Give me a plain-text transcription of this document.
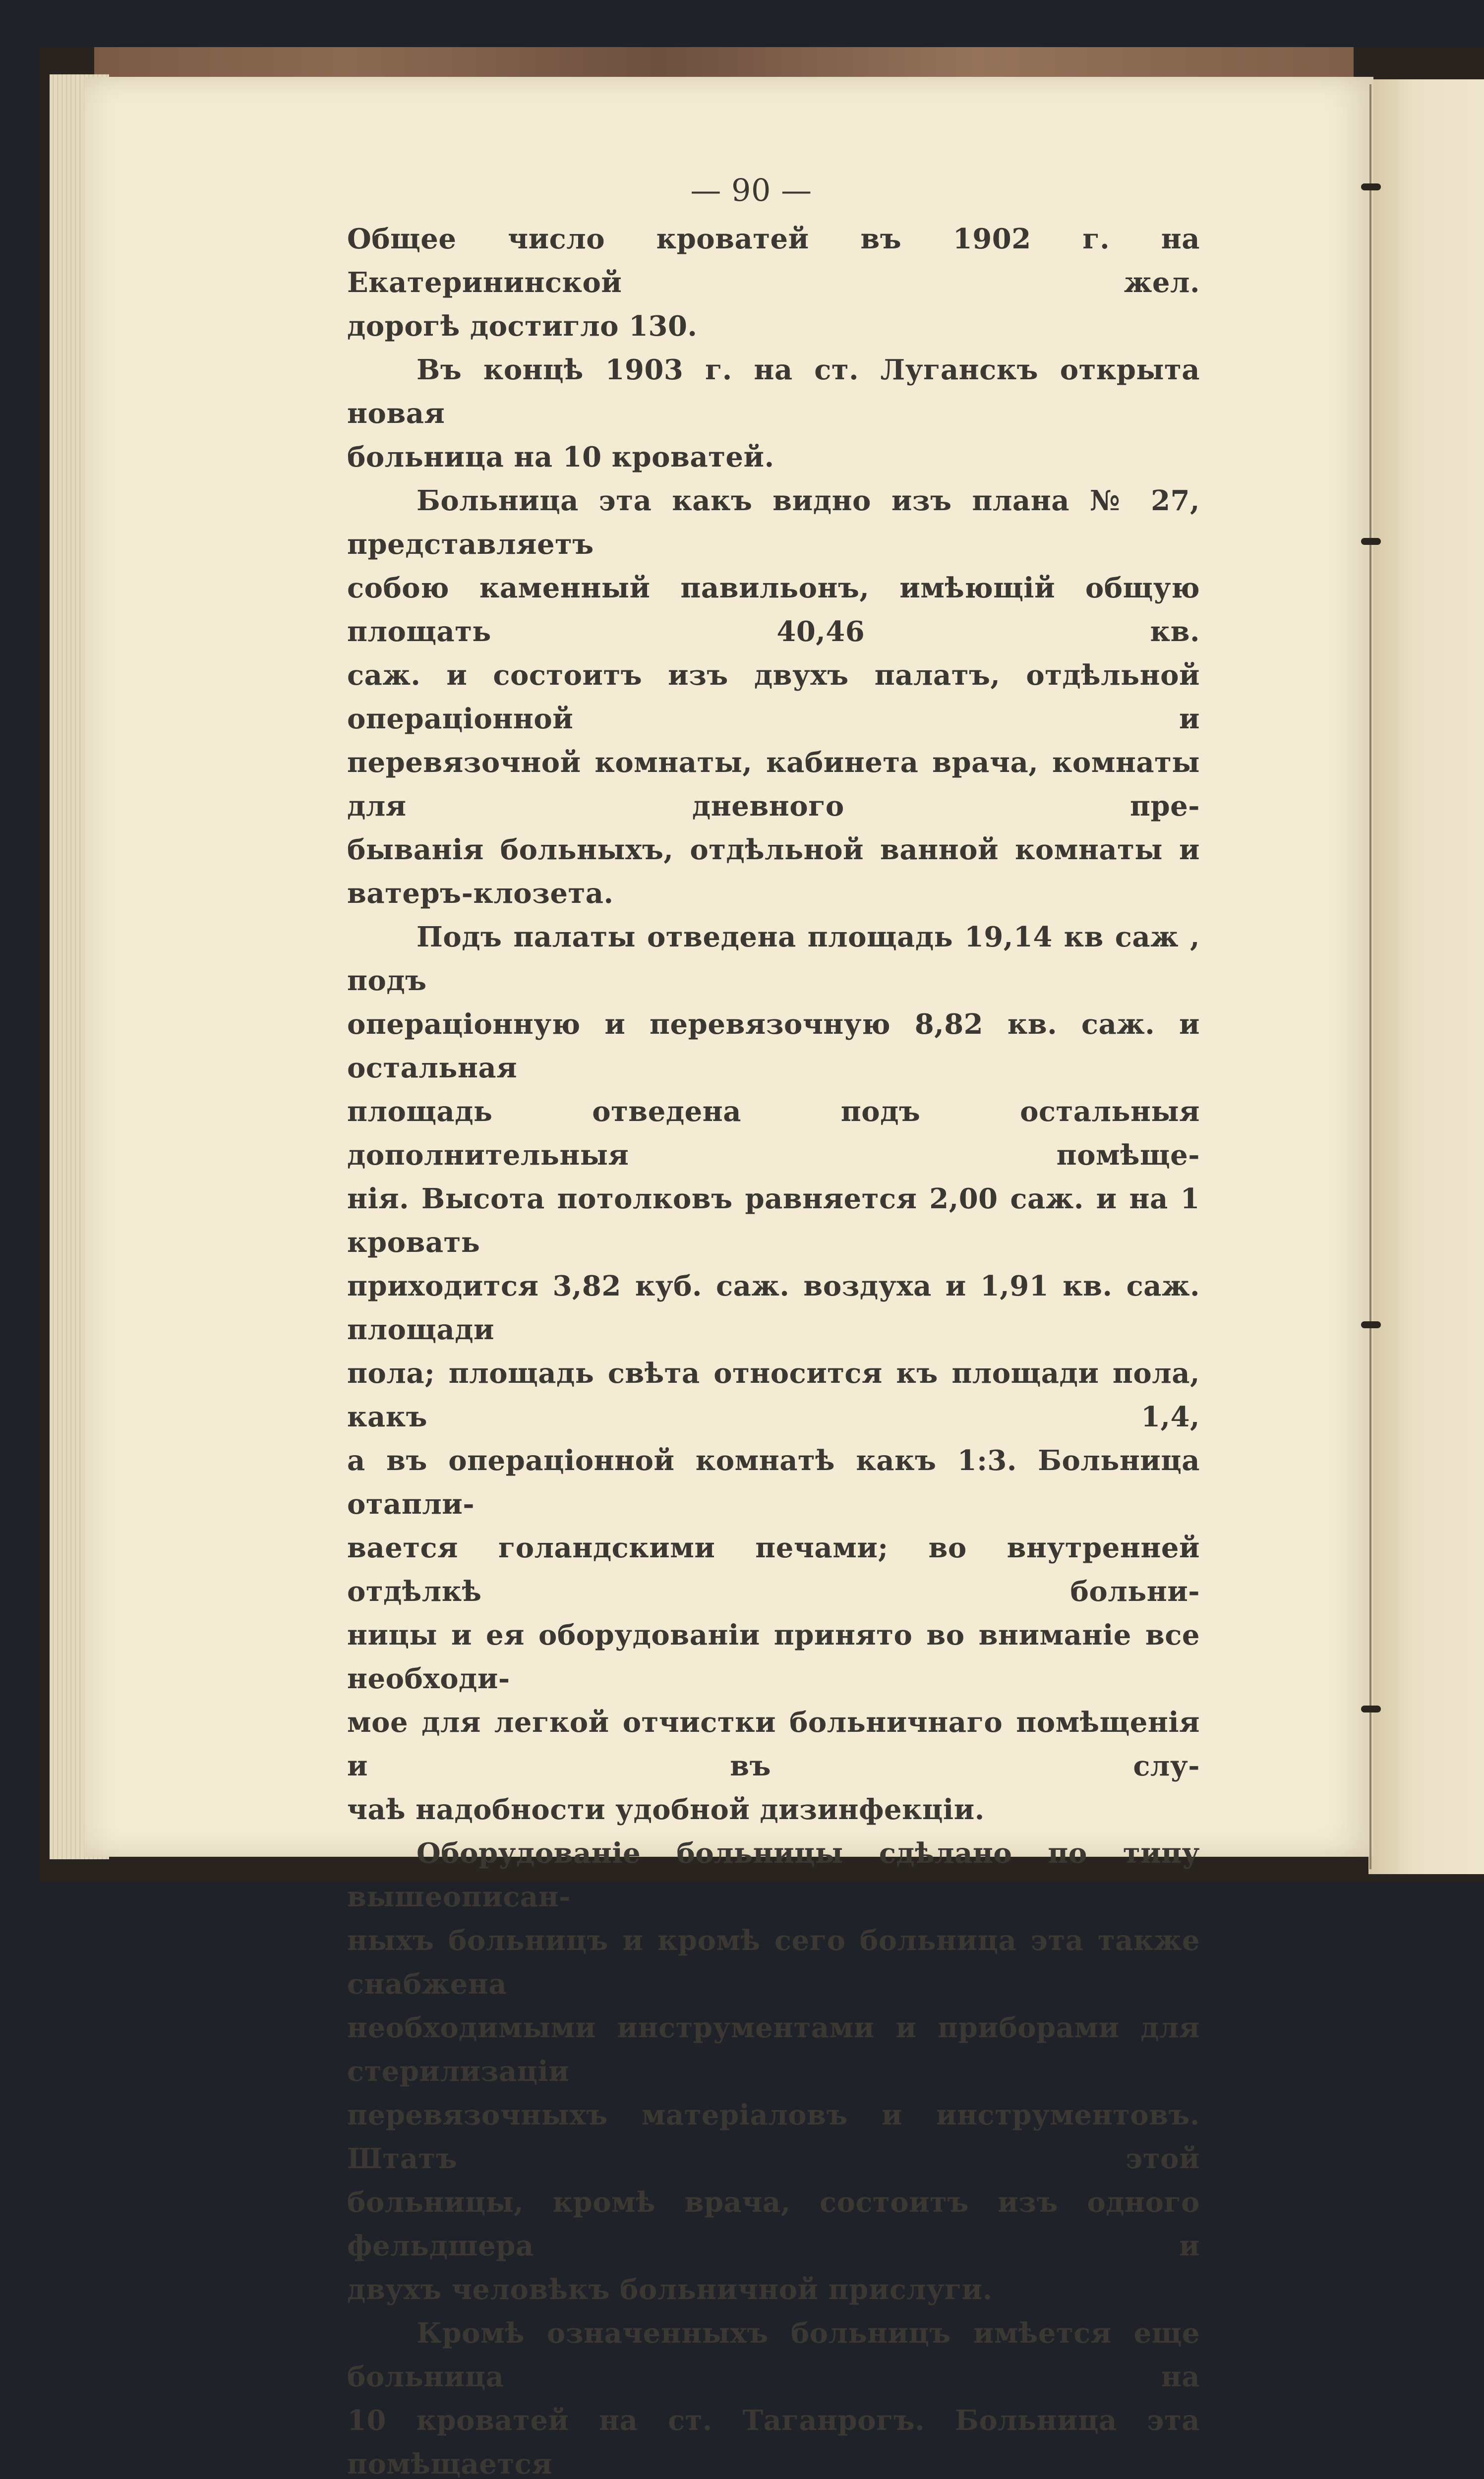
— 90 —
Общее число кроватей въ 1902 г. на Екатерининской жел.
дорогѣ достигло 130.
Въ концѣ 1903 г. на ст. Луганскъ открыта новая
больница на 10 кроватей.
Больница эта какъ видно изъ плана № 27, представляетъ
собою каменный павильонъ, имѣющій общую площать 40,46 кв.
саж. и состоитъ изъ двухъ палатъ, отдѣльной операціонной и
перевязочной комнаты, кабинета врача, комнаты для дневного пре-
быванія больныхъ, отдѣльной ванной комнаты и ватеръ-клозета.
Подъ палаты отведена площадь 19,14 кв саж , подъ
операціонную и перевязочную 8,82 кв. саж. и остальная
площадь отведена подъ остальныя дополнительныя помѣще-
нія. Высота потолковъ равняется 2,00 саж. и на 1 кровать
приходится 3,82 куб. саж. воздуха и 1,91 кв. саж. площади
пола; площадь свѣта относится къ площади пола, какъ 1,4,
а въ операціонной комнатѣ какъ 1:3. Больница отапли-
вается голандскими печами; во внутренней отдѣлкѣ больни-
ницы и ея оборудованіи принято во вниманіе все необходи-
мое для легкой отчистки больничнаго помѣщенія и въ слу-
чаѣ надобности удобной дизинфекціи.
Оборудованіе больницы сдѣлано по типу вышеописан-
ныхъ больницъ и кромѣ сего больница эта также снабжена
необходимыми инструментами и приборами для стерилизаціи
перевязочныхъ матеріаловъ и инструментовъ. Штатъ этой
больницы, кромѣ врача, состоитъ изъ одного фельдшера и
двухъ человѣкъ больничной прислуги.
Кромѣ означенныхъ больницъ имѣется еще больница на
10 кроватей на ст. Таганрогъ. Больница эта помѣщается
